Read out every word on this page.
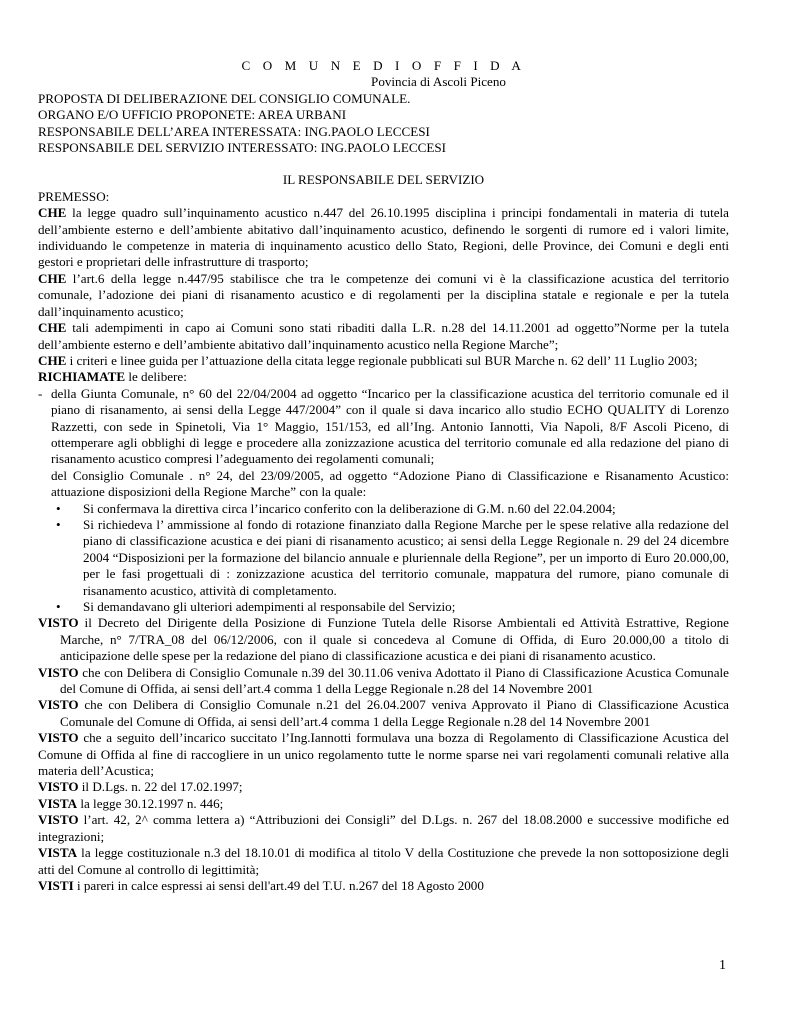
C O M U N E D I O F F I D A
Povincia di Ascoli Piceno

PROPOSTA DI DELIBERAZIONE DEL CONSIGLIO COMUNALE.

ORGANO E/O UFFICIO PROPONETE: AREA URBANI

RESPONSABILE DELL’AREA INTERESSATA: ING.PAOLO LECCESI

RESPONSABILE DEL SERVIZIO INTERESSATO: ING.PAOLO LECCESI

IL RESPONSABILE DEL SERVIZIO

PREMESSO:

CHE la legge quadro sull’inquinamento acustico n.447 del 26.10.1995 disciplina i principi fondamentali in materia di tutela dell’ambiente esterno e dell’ambiente abitativo dall’inquinamento acustico, definendo le sorgenti di rumore ed i valori limite, individuando le competenze in materia di inquinamento acustico dello Stato, Regioni, delle Province, dei Comuni e degli enti gestori e proprietari delle infrastrutture di trasporto;

CHE l’art.6 della legge n.447/95 stabilisce che tra le competenze dei comuni vi è la classificazione acustica del territorio comunale, l’adozione dei piani di risanamento acustico e di regolamenti per la disciplina statale e regionale e per la tutela dall’inquinamento acustico;

CHE tali adempimenti in capo ai Comuni sono stati ribaditi dalla L.R. n.28 del 14.11.2001 ad oggetto”Norme per la tutela dell’ambiente esterno e dell’ambiente abitativo dall’inquinamento acustico nella Regione Marche”;

CHE i criteri e linee guida per l’attuazione della citata legge regionale pubblicati sul BUR Marche n. 62 dell’ 11 Luglio 2003;

RICHIAMATE le delibere:

- della Giunta Comunale, n° 60 del 22/04/2004 ad oggetto “Incarico per la classificazione acustica del territorio comunale ed il piano di risanamento, ai sensi della Legge 447/2004” con il quale si dava incarico allo studio ECHO QUALITY di Lorenzo Razzetti, con sede in Spinetoli, Via 1° Maggio, 151/153, ed all’Ing. Antonio Iannotti, Via Napoli, 8/F Ascoli Piceno, di ottemperare agli obblighi di legge e procedere alla zonizzazione acustica del territorio comunale ed alla redazione del piano di risanamento acustico compresi l’adeguamento dei regolamenti comunali;

del Consiglio Comunale . n° 24, del 23/09/2005, ad oggetto “Adozione Piano di Classificazione e Risanamento Acustico: attuazione disposizioni della Regione Marche” con la quale:

•	Si confermava la direttiva circa l’incarico conferito con la deliberazione di G.M. n.60 del 22.04.2004;
•	Si richiedeva l’ ammissione al fondo di rotazione finanziato dalla Regione Marche per le spese relative alla redazione del piano di classificazione acustica e dei piani di risanamento acustico; ai sensi della Legge Regionale n. 29 del 24 dicembre 2004 “Disposizioni per la formazione del bilancio annuale e pluriennale della Regione”, per un importo di Euro 20.000,00, per le fasi progettuali di : zonizzazione acustica del territorio comunale, mappatura del rumore, piano comunale di risanamento acustico, attività di completamento.
•	Si demandavano gli ulteriori adempimenti al responsabile del Servizio;

VISTO il Decreto del Dirigente della Posizione di Funzione Tutela delle Risorse Ambientali ed Attività Estrattive, Regione Marche, n° 7/TRA_08 del 06/12/2006, con il quale si concedeva al Comune di Offida, di Euro 20.000,00 a titolo di anticipazione delle spese per la redazione del piano di classificazione acustica e dei piani di risanamento acustico.

VISTO che con Delibera di Consiglio Comunale n.39 del 30.11.06 veniva Adottato il Piano di Classificazione Acustica Comunale del Comune di Offida, ai sensi dell’art.4 comma 1 della Legge Regionale n.28 del 14 Novembre 2001

VISTO che con Delibera di Consiglio Comunale n.21 del 26.04.2007 veniva Approvato il Piano di Classificazione Acustica Comunale del Comune di Offida, ai sensi dell’art.4 comma 1 della Legge Regionale n.28 del 14 Novembre 2001

VISTO che a seguito dell’incarico succitato l’Ing.Iannotti formulava una bozza di Regolamento di Classificazione Acustica del Comune di Offida al fine di raccogliere in un unico regolamento tutte le norme sparse nei vari regolamenti comunali relative alla materia dell’Acustica;

VISTO il D.Lgs. n. 22 del 17.02.1997;

VISTA la legge 30.12.1997 n. 446;

VISTO l’art. 42, 2^ comma lettera a) “Attribuzioni dei Consigli” del D.Lgs. n. 267 del 18.08.2000 e successive modifiche ed integrazioni;

VISTA la legge costituzionale n.3 del 18.10.01 di modifica al titolo V della Costituzione che prevede la non sottoposizione degli atti del Comune al controllo di legittimità;

VISTI i pareri in calce espressi ai sensi dell'art.49 del T.U. n.267 del 18 Agosto 2000

1
